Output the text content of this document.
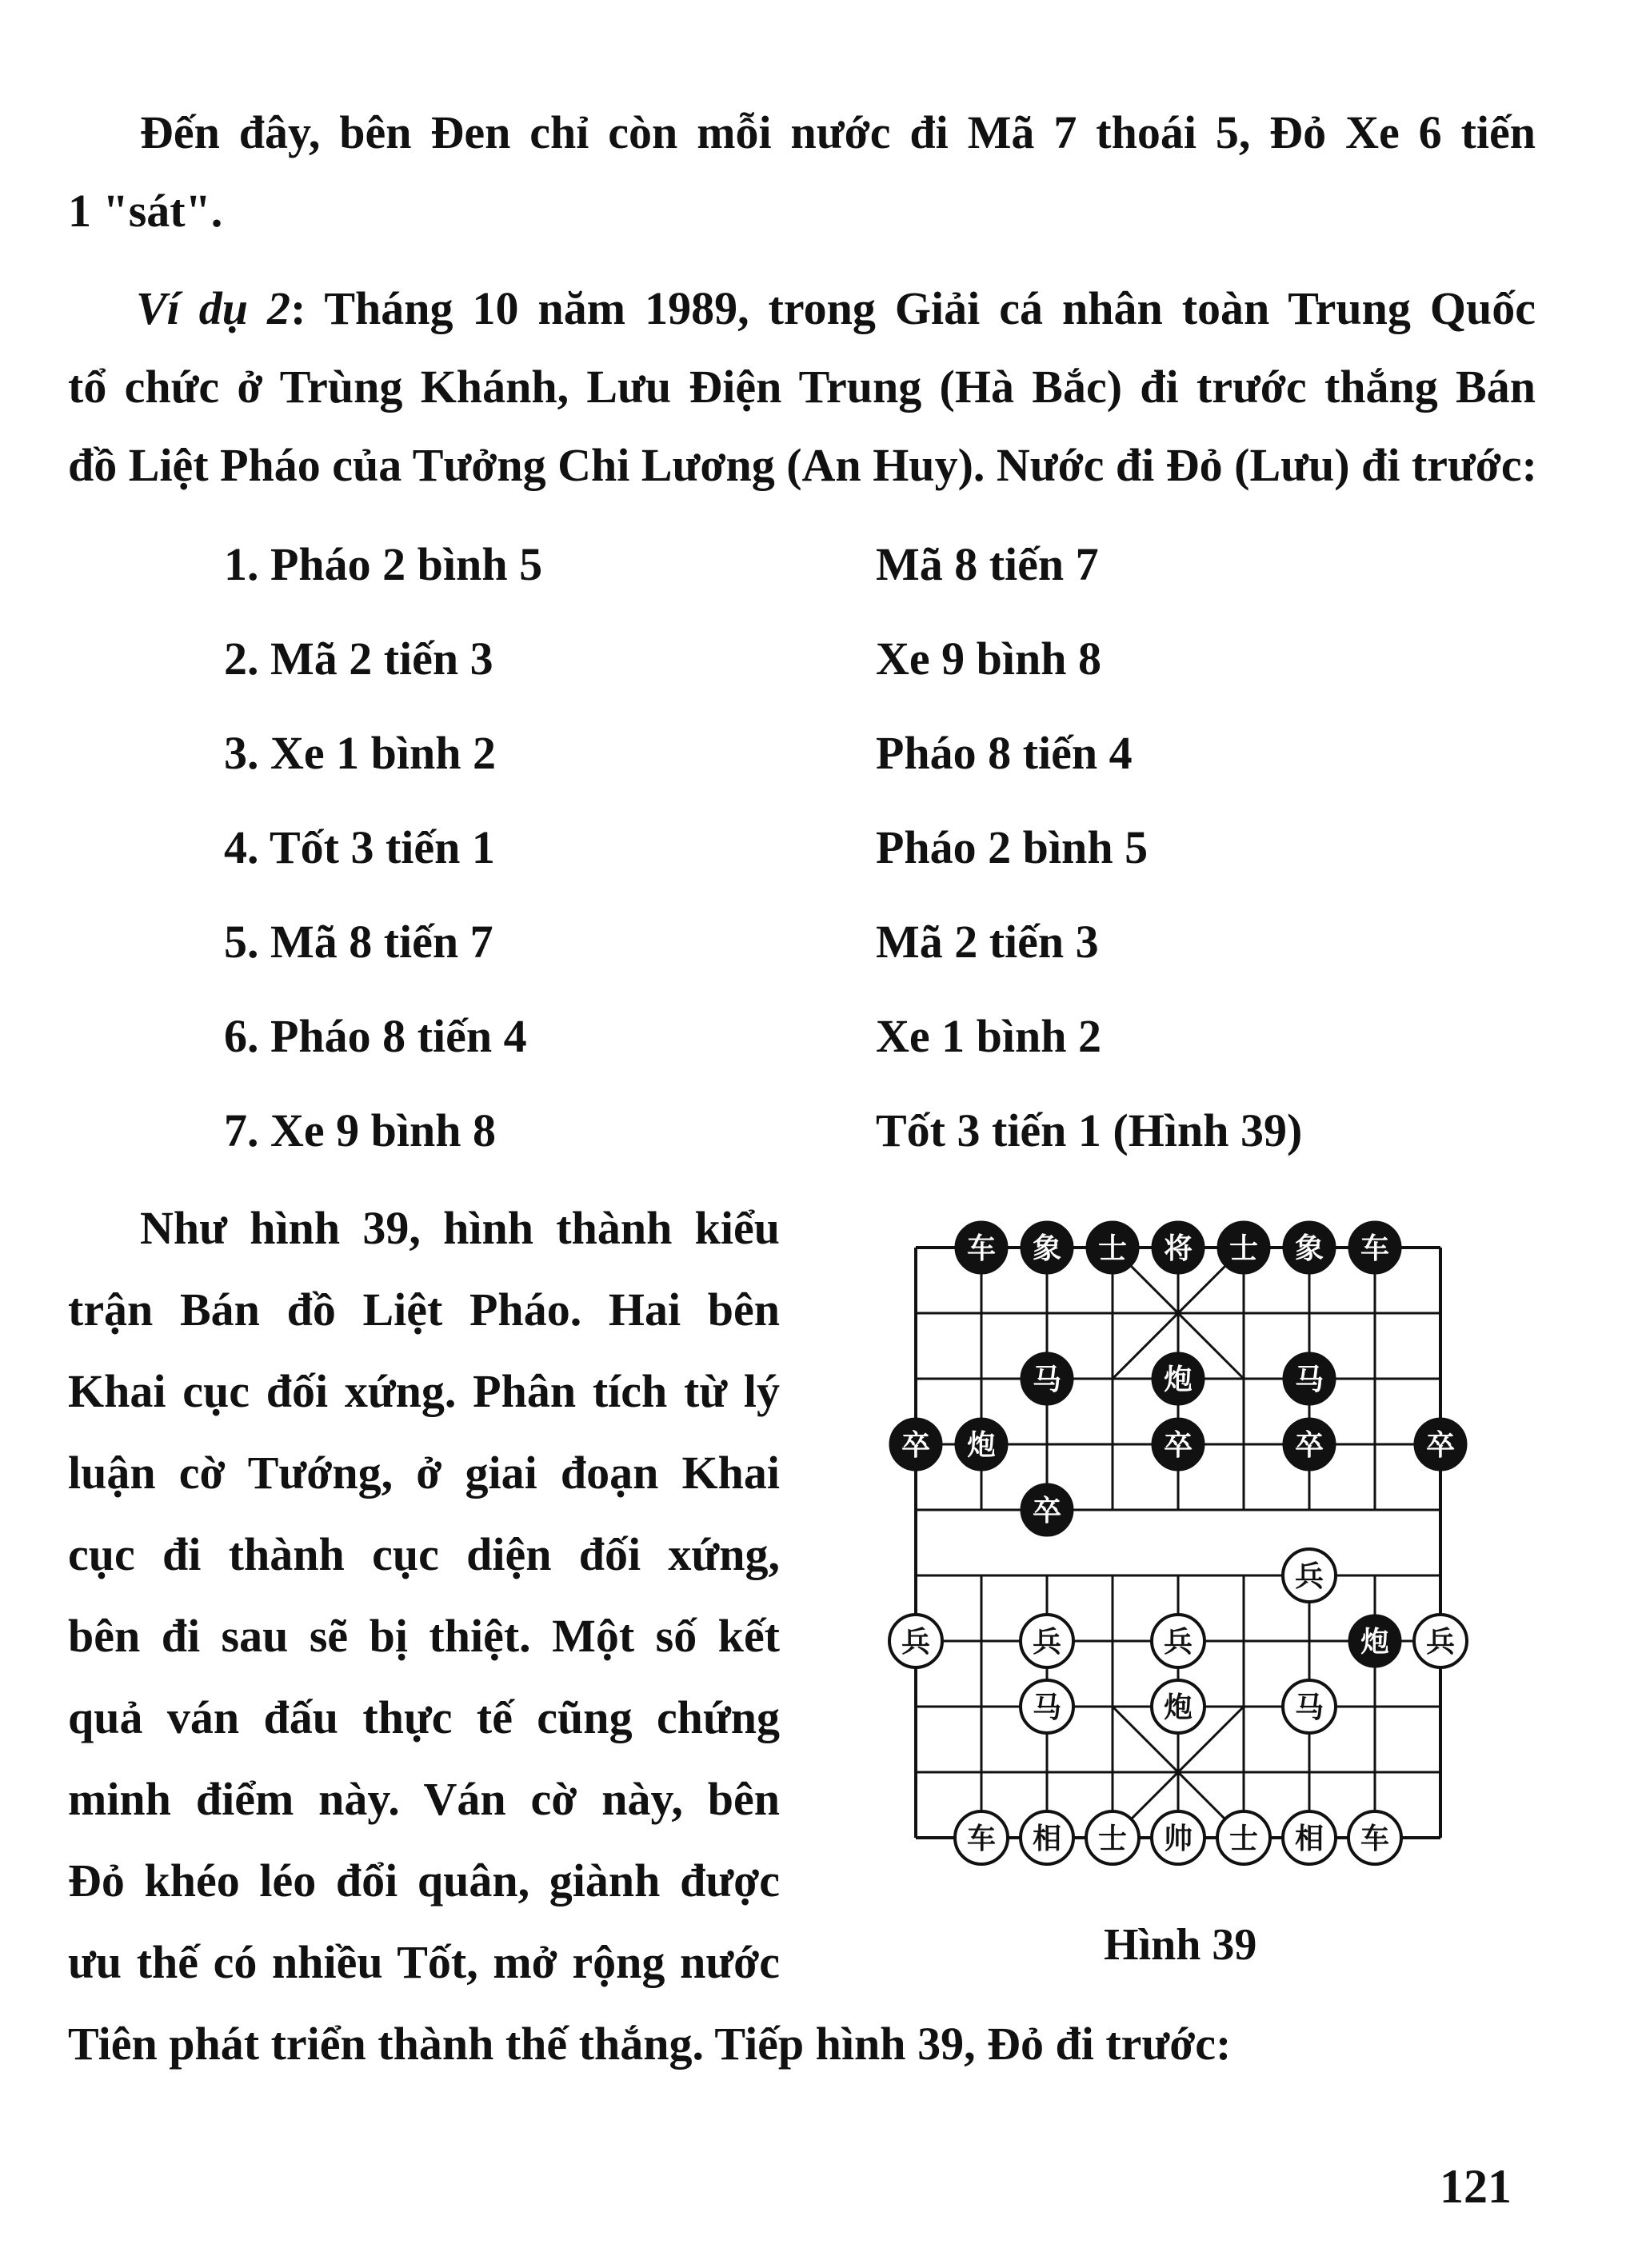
Đến đây, bên Đen chỉ còn mỗi nước đi Mã 7 thoái 5, Đỏ Xe 6 tiến
1 "sát".
Ví dụ 2: Tháng 10 năm 1989, trong Giải cá nhân toàn Trung Quốc
tổ chức ở Trùng Khánh, Lưu Điện Trung (Hà Bắc) đi trước thắng Bán
đồ Liệt Pháo của Tưởng Chi Lương (An Huy). Nước đi Đỏ (Lưu) đi trước:
1. Pháo 2 bình 5	Mã 8 tiến 7
2. Mã 2 tiến 3	Xe 9 bình 8
3. Xe 1 bình 2	Pháo 8 tiến 4
4. Tốt 3 tiến 1	Pháo 2 bình 5
5. Mã 8 tiến 7	Mã 2 tiến 3
6. Pháo 8 tiến 4	Xe 1 bình 2
7. Xe 9 bình 8	Tốt 3 tiến 1 (Hình 39)
Như hình 39, hình thành kiểu
trận Bán đồ Liệt Pháo. Hai bên
Khai cục đối xứng. Phân tích từ lý
luận cờ Tướng, ở giai đoạn Khai
cục đi thành cục diện đối xứng,
bên đi sau sẽ bị thiệt. Một số kết
quả ván đấu thực tế cũng chứng
minh điểm này. Ván cờ này, bên
Đỏ khéo léo đổi quân, giành được
ưu thế có nhiều Tốt, mở rộng nước
Tiên phát triển thành thế thắng. Tiếp hình 39, Đỏ đi trước:
车 象 士 将 士 象 车
马	炮	马
卒 炮	卒	卒	卒
卒
兵
兵	兵	兵	炮 兵
马	炮	马
车 相 士 帅 士 相 车
Hình 39
121
